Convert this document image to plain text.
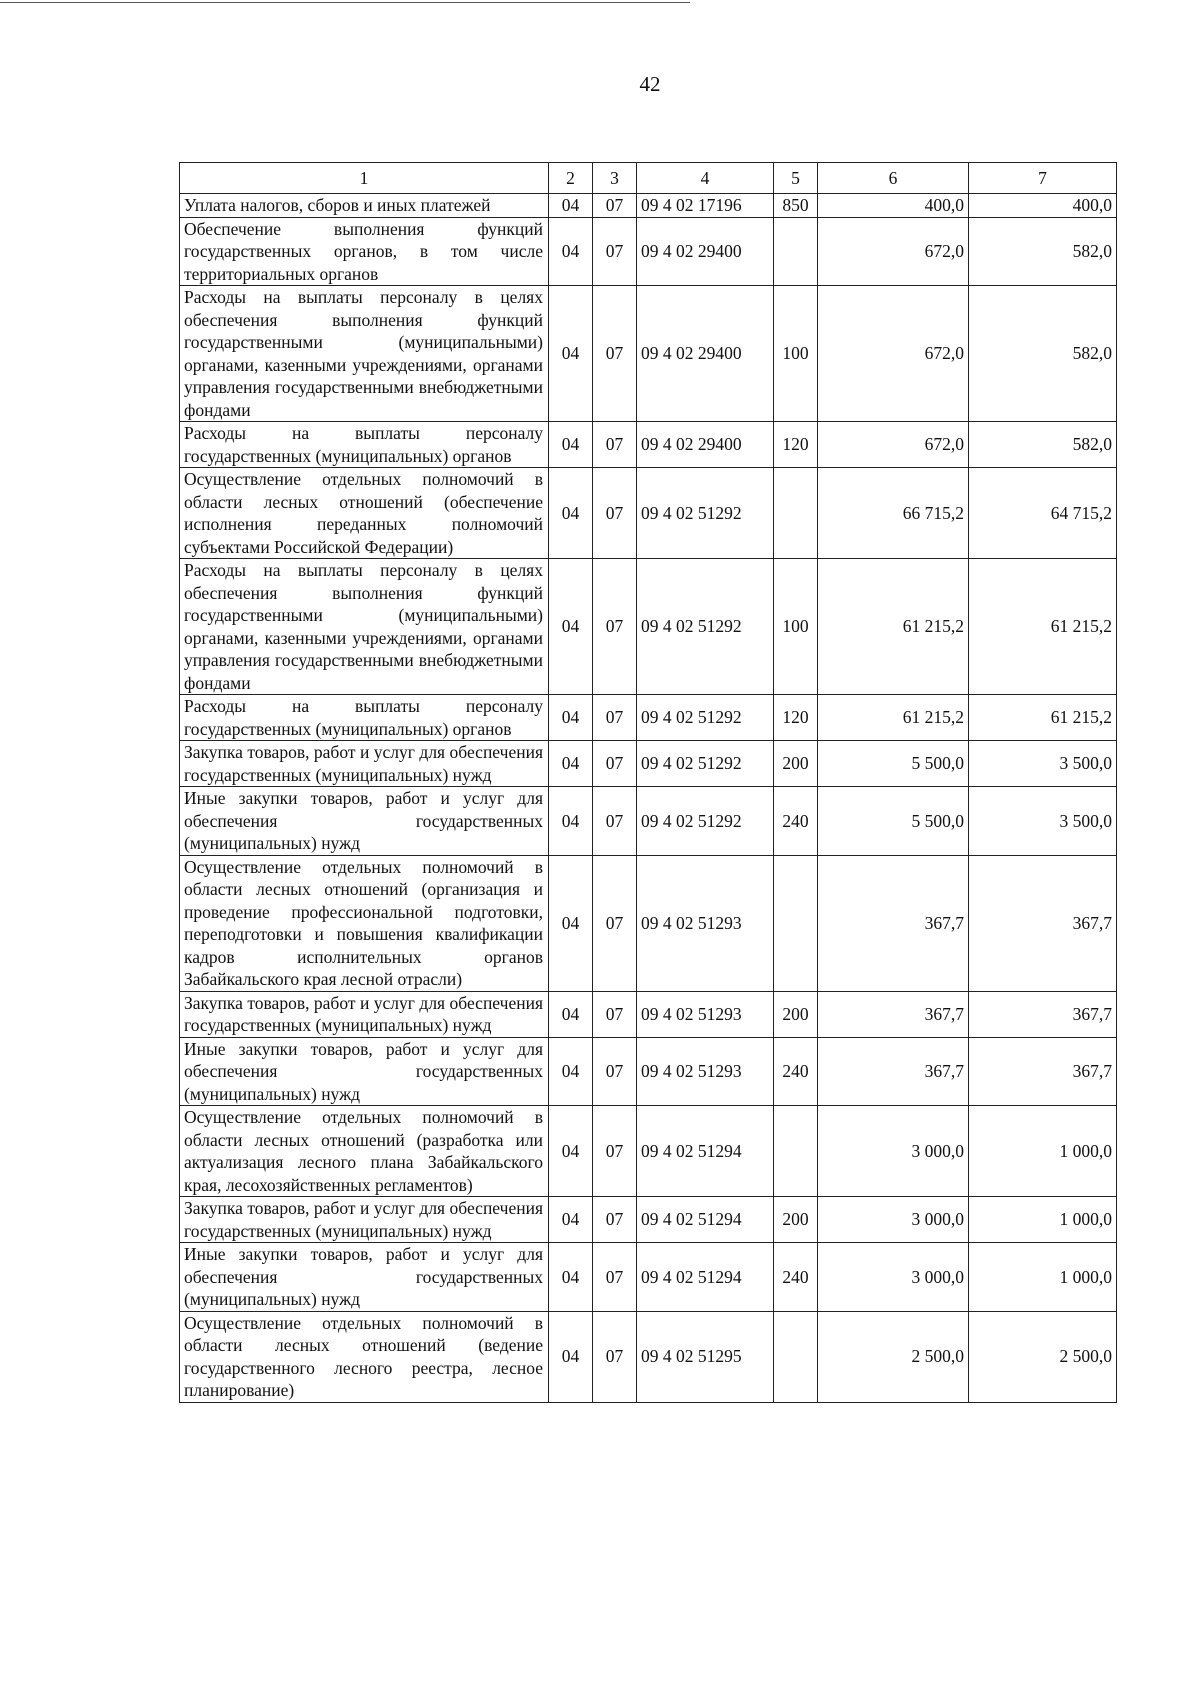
42
1	2	3	4	5	6	7
Уплата налогов, сборов и иных платежей	04	07	09 4 02 17196	850	400,0	400,0
Обеспечение выполнения функций государственных органов, в том числе территориальных органов	04	07	09 4 02 29400		672,0	582,0
Расходы на выплаты персоналу в целях обеспечения выполнения функций государственными (муниципальными) органами, казенными учреждениями, органами управления государственными внебюджетными фондами	04	07	09 4 02 29400	100	672,0	582,0
Расходы на выплаты персоналу государственных (муниципальных) органов	04	07	09 4 02 29400	120	672,0	582,0
Осуществление отдельных полномочий в области лесных отношений (обеспечение исполнения переданных полномочий субъектами Российской Федерации)	04	07	09 4 02 51292		66 715,2	64 715,2
Расходы на выплаты персоналу в целях обеспечения выполнения функций государственными (муниципальными) органами, казенными учреждениями, органами управления государственными внебюджетными фондами	04	07	09 4 02 51292	100	61 215,2	61 215,2
Расходы на выплаты персоналу государственных (муниципальных) органов	04	07	09 4 02 51292	120	61 215,2	61 215,2
Закупка товаров, работ и услуг для обеспечения государственных (муниципальных) нужд	04	07	09 4 02 51292	200	5 500,0	3 500,0
Иные закупки товаров, работ и услуг для обеспечения государственных (муниципальных) нужд	04	07	09 4 02 51292	240	5 500,0	3 500,0
Осуществление отдельных полномочий в области лесных отношений (организация и проведение профессиональной подготовки, переподготовки и повышения квалификации кадров исполнительных органов Забайкальского края лесной отрасли)	04	07	09 4 02 51293		367,7	367,7
Закупка товаров, работ и услуг для обеспечения государственных (муниципальных) нужд	04	07	09 4 02 51293	200	367,7	367,7
Иные закупки товаров, работ и услуг для обеспечения государственных (муниципальных) нужд	04	07	09 4 02 51293	240	367,7	367,7
Осуществление отдельных полномочий в области лесных отношений (разработка или актуализация лесного плана Забайкальского края, лесохозяйственных регламентов)	04	07	09 4 02 51294		3 000,0	1 000,0
Закупка товаров, работ и услуг для обеспечения государственных (муниципальных) нужд	04	07	09 4 02 51294	200	3 000,0	1 000,0
Иные закупки товаров, работ и услуг для обеспечения государственных (муниципальных) нужд	04	07	09 4 02 51294	240	3 000,0	1 000,0
Осуществление отдельных полномочий в области лесных отношений (ведение государственного лесного реестра, лесное планирование)	04	07	09 4 02 51295		2 500,0	2 500,0
